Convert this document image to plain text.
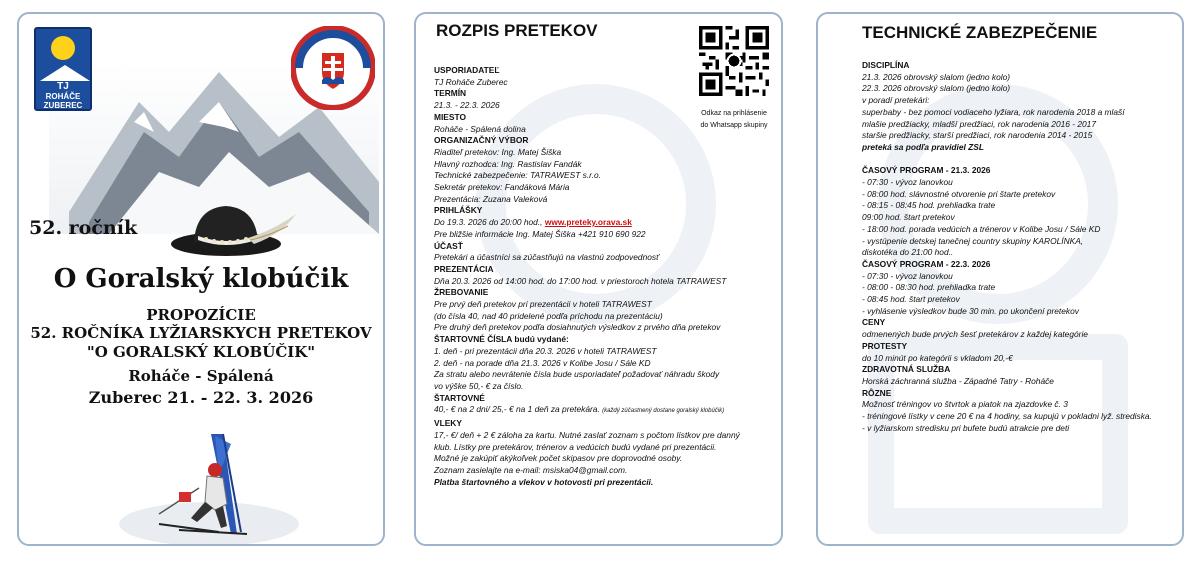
TJ
ROHÁČE
ZUBEREC
52. ročník
O Goralský klobúčik
PROPOZÍCIE
52. ROČNÍKA LYŽIARSKYCH PRETEKOV
"O GORALSKÝ KLOBÚČIK"
Roháče - Spálená
Zuberec 21. - 22. 3. 2026
ROZPIS PRETEKOV
Odkaz na prihlásenie
do Whatsapp skupiny
USPORIADATEĽ
TJ Roháče Zuberec
TERMÍN
21.3. - 22.3. 2026
MIESTO
Roháče - Spálená dolina
ORGANIZAČNÝ VÝBOR
Riaditeľ pretekov: Ing. Matej Šiška
Hlavný rozhodca: Ing. Rastislav Fandák
Technické zabezpečenie: TATRAWEST s.r.o.
Sekretár pretekov: Fandáková Mária
Prezentácia: Zuzana Valeková
PRIHLÁŠKY
Do 19.3. 2026 do 20:00 hod., www.preteky.orava.sk
Pre bližšie informácie Ing. Matej Šiška +421 910 690 922
ÚČASŤ
Pretekári a účastníci sa zúčastňujú na vlastnú zodpovednosť
PREZENTÁCIA
Dňa 20.3. 2026 od 14:00 hod. do 17:00 hod. v priestoroch hotela TATRAWEST
ŽREBOVANIE
Pre prvý deň pretekov pri prezentácii v hoteli TATRAWEST
(do čísla 40, nad 40 pridelené podľa príchodu na prezentáciu)
Pre druhý deň pretekov podľa dosiahnutých výsledkov z prvého dňa pretekov
ŠTARTOVNÉ ČÍSLA budú vydané:
1. deň - pri prezentácii dňa 20.3. 2026 v hoteli TATRAWEST
2. deň - na porade dňa 21.3. 2026 v Kolibe Josu / Sále KD
Za stratu alebo nevrátenie čísla bude usporiadateľ požadovať náhradu škody
vo výške 50,- € za číslo.
ŠTARTOVNÉ
40,- € na 2 dni/ 25,- € na 1 deň za pretekára. (každý zúčastnený dostane goralský klobúčik)
VLEKY
17,- €/ deň + 2 € záloha za kartu. Nutné zaslať zoznam s počtom lístkov pre danný
klub. Lístky pre pretekárov, trénerov a vedúcich budú vydané pri prezentácii.
Možné je zakúpiť akýkoľvek počet skipasov pre doprovodné osoby.
Zoznam zasielajte na e-mail: msiska04@gmail.com.
Platba štartovného a vlekov v hotovosti pri prezentácii.
TECHNICKÉ ZABEZPEČENIE
DISCIPLÍNA
21.3. 2026 obrovský slalom (jedno kolo)
22.3. 2026 obrovský slalom (jedno kolo)
v poradí pretekári:
superbaby - bez pomoci vodiaceho lyžiara, rok narodenia 2018 a mlaší
mlašie predžiacky, mladší predžiaci, rok narodenia 2016 - 2017
staršie predžiacky, starší predžiaci, rok narodenia 2014 - 2015
preteká sa podľa pravidiel ZSL

ČASOVÝ PROGRAM - 21.3. 2026
- 07:30 - vývoz lanovkou
- 08:00 hod. slávnostné otvorenie pri štarte pretekov
- 08:15 - 08:45 hod. prehliadka trate
09:00 hod. štart pretekov
- 18:00 hod. porada vedúcich a trénerov v Kolibe Josu / Sále KD
- vystúpenie detskej tanečnej country skupiny KAROLÍNKA,
diskotéka do 21:00 hod..
ČASOVÝ PROGRAM - 22.3. 2026
- 07:30 - vývoz lanovkou
- 08:00 - 08:30 hod. prehliadka trate
- 08:45 hod. štart pretekov
- vyhlásenie výsledkov bude 30 min. po ukončení pretekov
CENY
odmenených bude prvých šesť pretekárov z každej kategórie
PROTESTY
do 10 minút po kategórii s vkladom 20,-€
ZDRAVOTNÁ SLUŽBA
Horská záchranná služba - Západné Tatry - Roháče
RÔZNE
Možnosť tréningov vo štvrtok a piatok na zjazdovke č. 3
- tréningové lístky v cene 20 € na 4 hodiny, sa kupujú v pokladni lyž. strediska.
- v lyžiarskom stredisku pri bufete budú atrakcie pre deti
